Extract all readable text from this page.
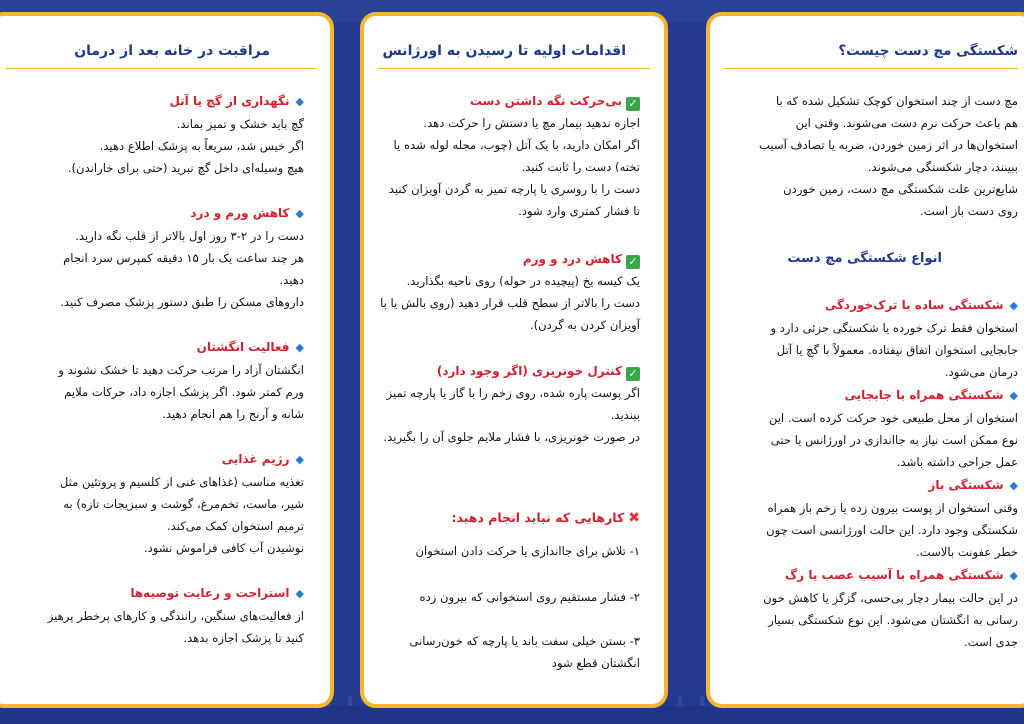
مراقبت در خانه بعد از درمان

◆نگهداری از گچ یا آتل

گچ باید خشک و تمیز بماند.

اگر خیس شد، سریعاً به پزشک اطلاع دهید.

هیچ وسیله‌ای داخل گچ نبرید (حتی برای خاراندن).

◆کاهش ورم و درد

دست را در ۲-۳ روز اول بالاتر از قلب نگه دارید.

هر چند ساعت یک بار ۱۵ دقیقه کمپرس سرد انجام

دهید.

داروهای مسکن را طبق دستور پزشک مصرف کنید.

◆فعالیت انگشتان

انگشتان آزاد را مرتب حرکت دهید تا خشک نشوند و

ورم کمتر شود. اگر پزشک اجازه داد، حرکات ملایم

شانه و آرنج را هم انجام دهید.

◆رژیم غذایی

تغذیه مناسب (غذاهای غنی از کلسیم و پروتئین مثل

شیر، ماست، تخم‌مرغ، گوشت و سبزیجات تازه) به

ترمیم استخوان کمک می‌کند.

نوشیدن آب کافی فراموش نشود.

◆استراحت و رعایت توصیه‌ها

از فعالیت‌های سنگین، رانندگی و کارهای پرخطر پرهیز

کنید تا پزشک اجازه بدهد.

اقدامات اولیه تا رسیدن به اورژانس

✓بی‌حرکت نگه داشتن دست

اجازه ندهید بیمار مچ یا دستش را حرکت دهد.

اگر امکان دارید، با یک آتل (چوب، مجله لوله شده یا

تخته) دست را ثابت کنید.

دست را با روسری یا پارچه تمیز به گردن آویزان کنید

تا فشار کمتری وارد شود.

✓کاهش درد و ورم

یک کیسه یخ (پیچیده در حوله) روی ناحیه بگذارید.

دست را بالاتر از سطح قلب قرار دهید (روی بالش یا با

آویزان کردن به گردن).

✓کنترل خونریزی (اگر وجود دارد)

اگر پوست پاره شده، روی زخم را با گاز یا پارچه تمیز

ببندید.

در صورت خونریزی، با فشار ملایم جلوی آن را بگیرید.

✖کارهایی که نباید انجام دهید:

۱- تلاش برای جااندازی یا حرکت دادن استخوان

۲- فشار مستقیم روی استخوانی که بیرون زده

۳- بستن خیلی سفت باند یا پارچه که خون‌رسانی

انگشتان قطع شود

شکستگی مچ دست چیست؟

مچ دست از چند استخوان کوچک تشکیل شده که با

هم باعث حرکت نرم دست می‌شوند. وقتی این

استخوان‌ها در اثر زمین خوردن، ضربه یا تصادف آسیب

ببینند، دچار شکستگی می‌شوند.

شایع‌ترین علت شکستگی مچ دست، زمین خوردن

روی دست باز است.

انواع شکستگی مچ دست

◆شکستگی ساده یا ترک‌خوردگی

استخوان فقط ترک خورده یا شکستگی جزئی دارد و

جابجایی استخوان اتفاق نیفتاده. معمولاً با گچ یا آتل

درمان می‌شود.

◆شکستگی همراه با جابجایی

استخوان از محل طبیعی خود حرکت کرده است. این

نوع ممکن است نیاز به جااندازی در اورژانس یا حتی

عمل جراحی داشته باشد.

◆شکستگی باز

وقتی استخوان از پوست بیرون زده یا زخم باز همراه

شکستگی وجود دارد. این حالت اورژانسی است چون

خطر عفونت بالاست.

◆شکستگی همراه با آسیب عصب یا رگ

در این حالت بیمار دچار بی‌حسی، گزگز یا کاهش خون

رسانی به انگشتان می‌شود. این نوع شکستگی بسیار

جدی است.
